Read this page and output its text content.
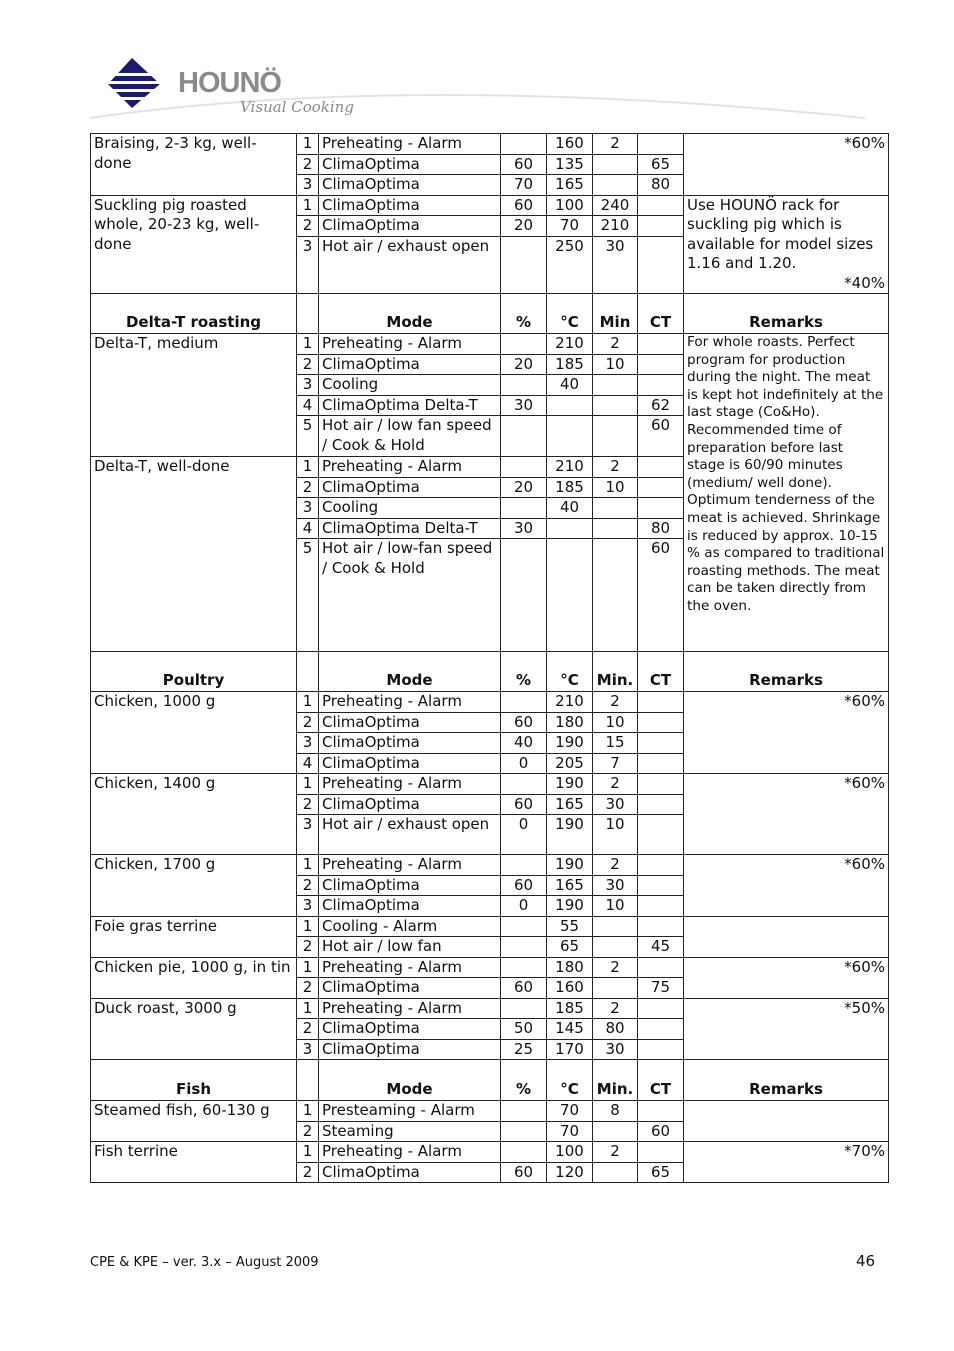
HOUNÖ
Visual Cooking
Braising, 2-3 kg, well-done	1	Preheating - Alarm		160	2		*60%

	2	ClimaOptima	60	135		65	
	3	ClimaOptima	70	165		80	
Suckling pig roasted whole, 20-23 kg, well-done	1	ClimaOptima	60	100	240		Use HOUNÖ rack for suckling pig which is available for model sizes 1.16 and 1.20.
*40%

	2	ClimaOptima	20	70	210		
	3	Hot air / exhaust open		250	30		
Delta-T roasting		Mode	%	°C	Min	CT	Remarks
Delta-T, medium	1	Preheating - Alarm		210	2		For whole roasts. Perfect program for production during the night. The meat is kept hot indefinitely at the last stage (Co&Ho). Recommended time of preparation before last stage is 60/90 minutes (medium/ well done). Optimum tenderness of the meat is achieved. Shrinkage is reduced by approx. 10-15 % as compared to traditional roasting methods. The meat can be taken directly from the oven.

	2	ClimaOptima	20	185	10		
	3	Cooling		40			
	4	ClimaOptima Delta-T	30			62	
	5	Hot air / low fan speed / Cook & Hold				60	
Delta-T, well-done	1	Preheating - Alarm		210	2		
	2	ClimaOptima	20	185	10		
	3	Cooling		40			
	4	ClimaOptima Delta-T	30			80	
	5	Hot air / low-fan speed / Cook & Hold				60	
Poultry		Mode	%	°C	Min.	CT	Remarks
Chicken, 1000 g	1	Preheating - Alarm		210	2		*60%

	2	ClimaOptima	60	180	10		
	3	ClimaOptima	40	190	15		
	4	ClimaOptima	0	205	7		
Chicken, 1400 g	1	Preheating - Alarm		190	2		*60%

	2	ClimaOptima	60	165	30		
	3	Hot air / exhaust open	0	190	10		
Chicken, 1700 g	1	Preheating - Alarm		190	2		*60%

	2	ClimaOptima	60	165	30		
	3	ClimaOptima	0	190	10		
Foie gras terrine	1	Cooling - Alarm		55			
	2	Hot air / low fan		65		45	
Chicken pie, 1000 g, in tin	1	Preheating - Alarm		180	2		*60%

	2	ClimaOptima	60	160		75	
Duck roast, 3000 g	1	Preheating - Alarm		185	2		*50%

	2	ClimaOptima	50	145	80		
	3	ClimaOptima	25	170	30		
Fish		Mode	%	°C	Min.	CT	Remarks
Steamed fish, 60-130 g	1	Presteaming - Alarm		70	8		
	2	Steaming		70		60	
Fish terrine	1	Preheating - Alarm		100	2		*70%

	2	ClimaOptima	60	120		65	
CPE & KPE – ver. 3.x – August 2009	46
